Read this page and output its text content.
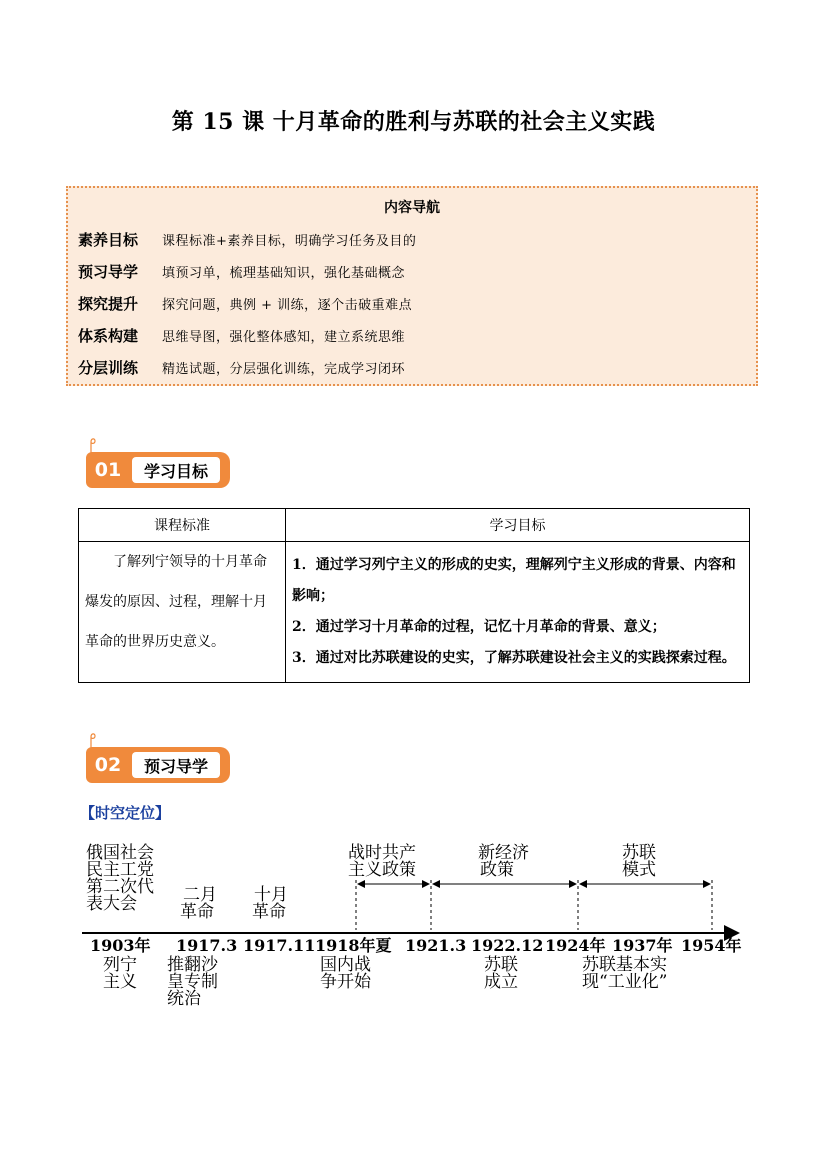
第 15 课 十月革命的胜利与苏联的社会主义实践
内容导航
素养目标	课程标准+素养目标，明确学习任务及目的
预习导学	填预习单，梳理基础知识，强化基础概念
探究提升	探究问题，典例 + 训练，逐个击破重难点
体系构建	思维导图，强化整体感知，建立系统思维
分层训练	精选试题，分层强化训练，完成学习闭环
01	学习目标
课程标准	学习目标

了解列宁领导的十月革命爆发的原因、过程，理解十月革命的世界历史意义。	1．通过学习列宁主义的形成的史实，理解列宁主义形成的背景、内容和影响；
2．通过学习十月革命的过程，记忆十月革命的背景、意义；
3．通过对比苏联建设的史实，了解苏联建设社会主义的实践探索过程。
02	预习导学
【时空定位】
1903年 1917.3 1917.11 1918年夏 1921.3 1922.12 1924年 1937年 1954年
俄国社会
民主工党
第二次代
表大会	二月
革命
十月
革命
战时共产
主义政策
新经济
政策
苏联
模式
列宁
主义
推翻沙
皇专制
统治
国内战
争开始
苏联
成立
苏联基本实
现“工业化”
